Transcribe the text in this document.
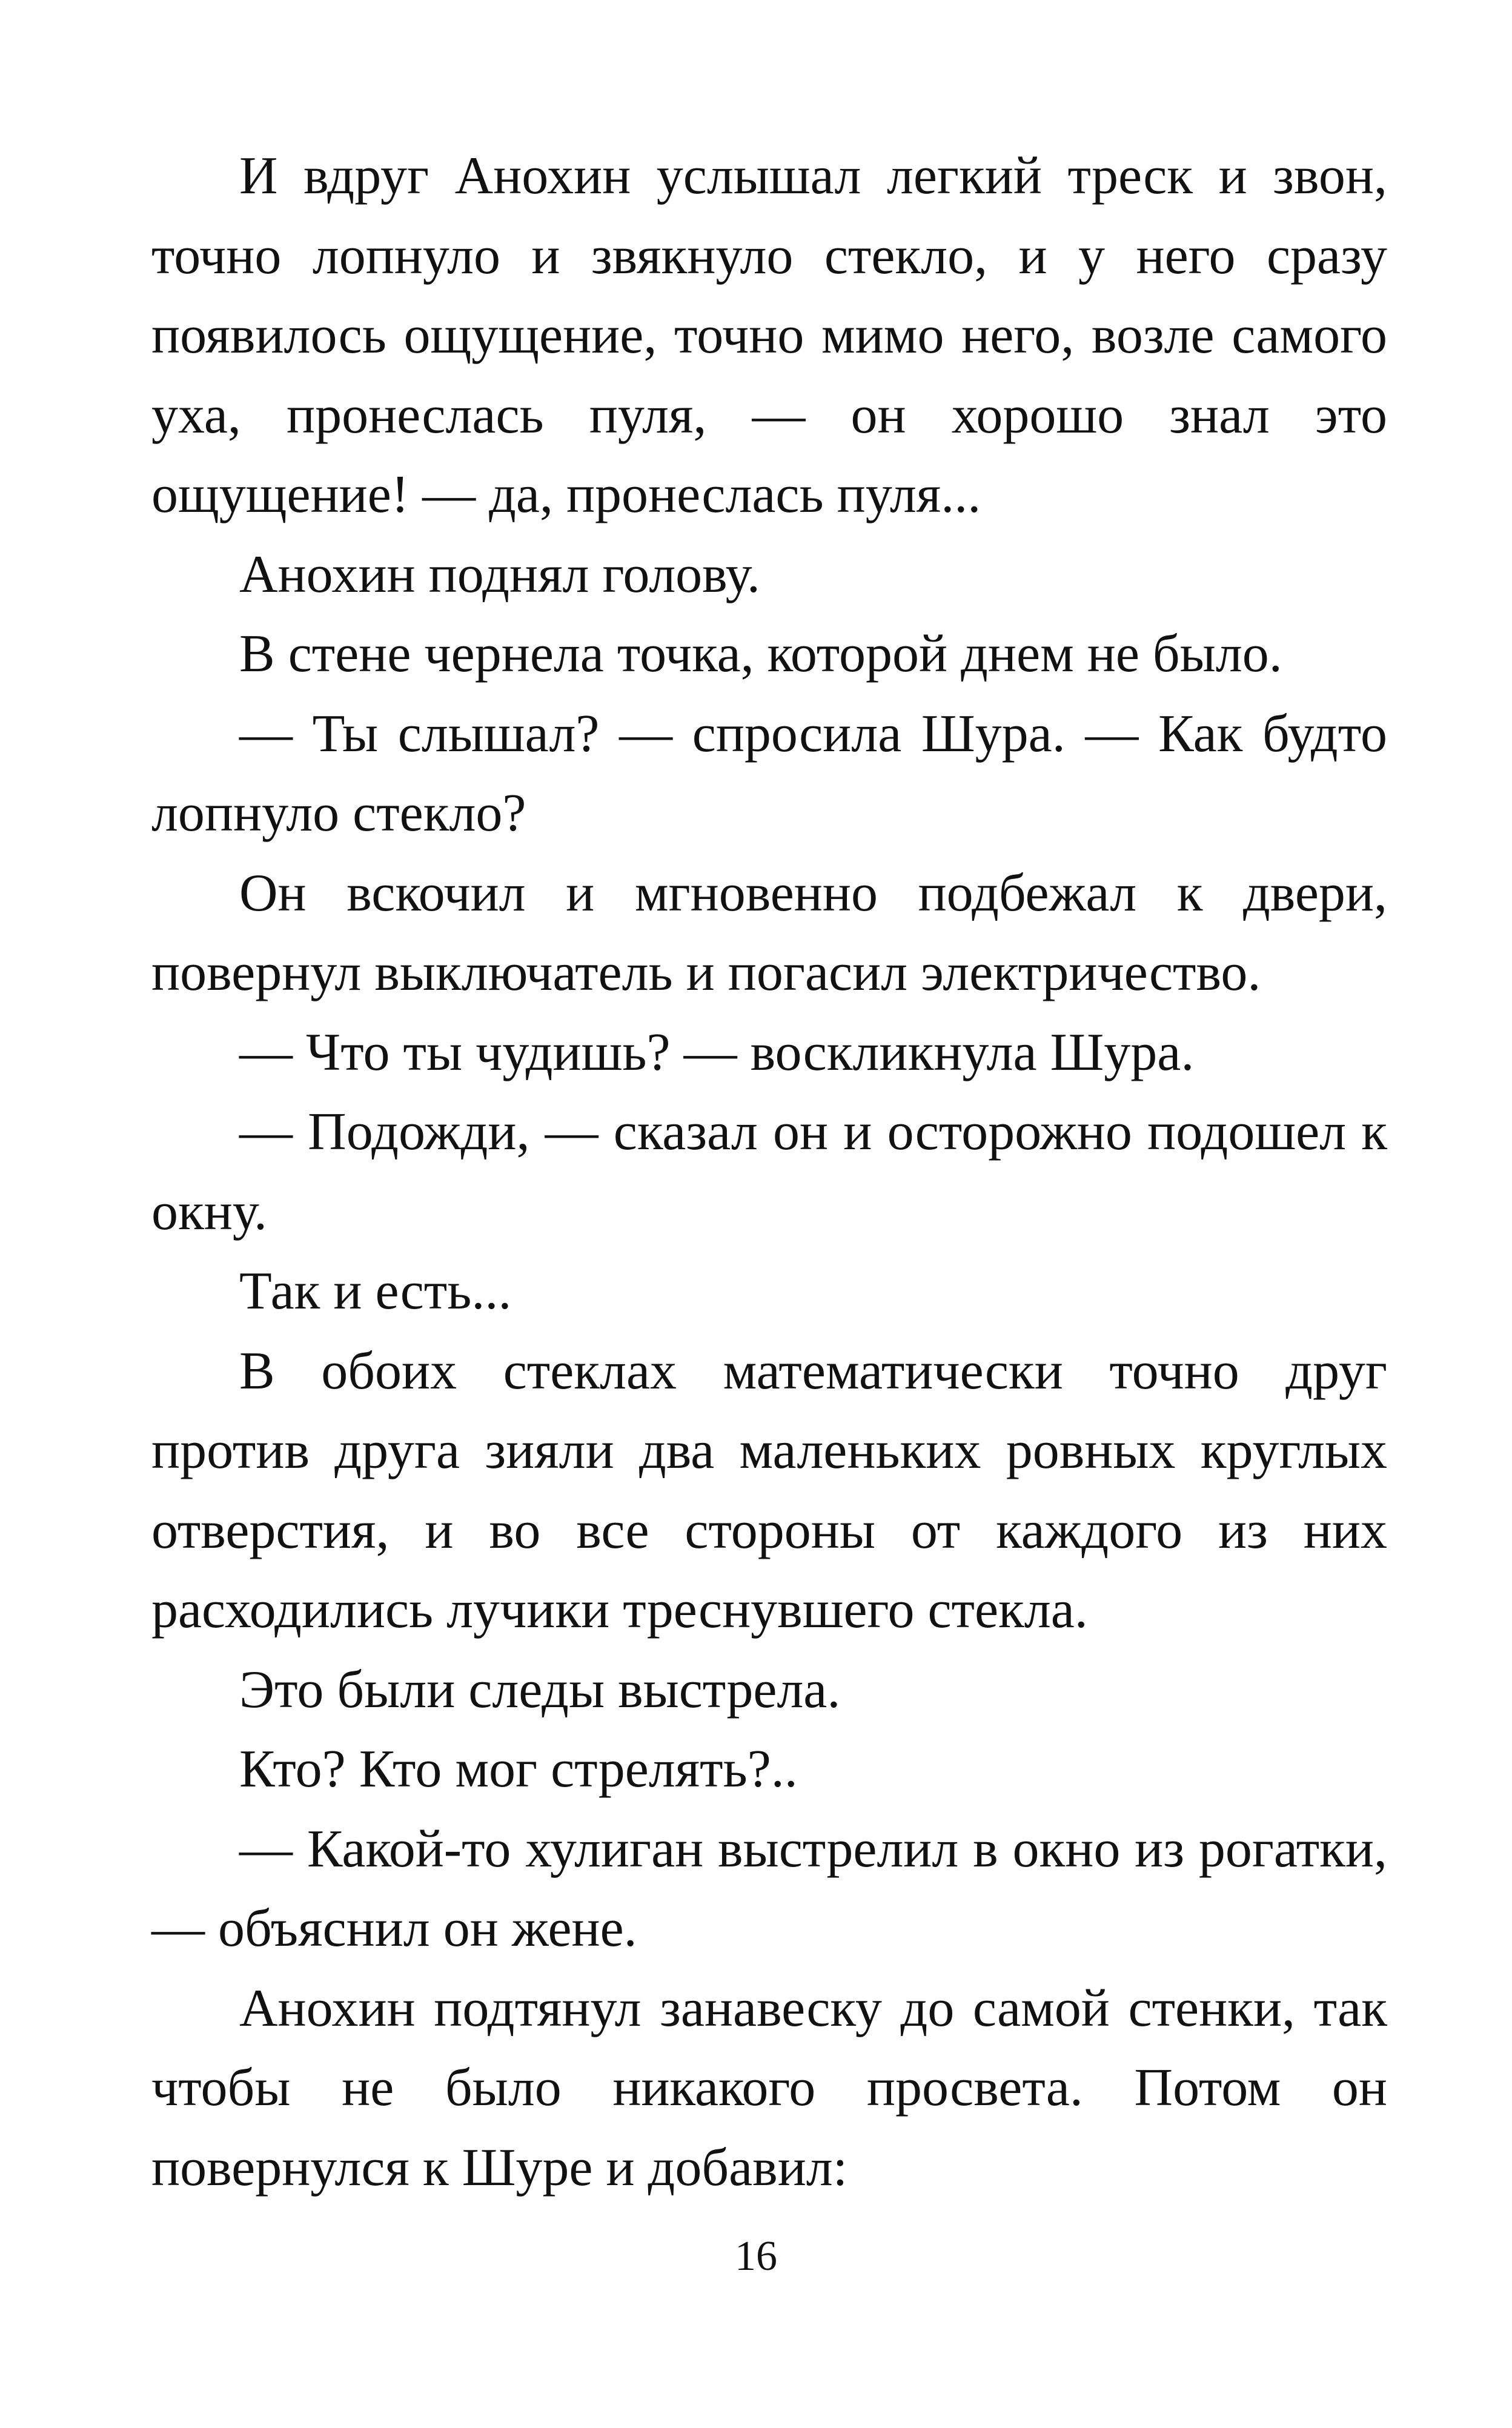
И вдруг Анохин услышал легкий треск и звон, точно лопнуло и звякнуло стекло, и у него сразу появилось ощущение, точно мимо него, возле самого уха, пронеслась пуля, — он хорошо знал это ощущение! — да, пронеслась пуля...

Анохин поднял голову.

В стене чернела точка, которой днем не было.

— Ты слышал? — спросила Шура. — Как будто лопнуло стекло?

Он вскочил и мгновенно подбежал к двери, повернул выключатель и погасил электричество.

— Что ты чудишь? — воскликнула Шура.

— Подожди, — сказал он и осторожно подошел к окну.

Так и есть...

В обоих стеклах математически точно друг против друга зияли два маленьких ровных круглых отверстия, и во все стороны от каждого из них расходились лучики треснувшего стекла.

Это были следы выстрела.

Кто? Кто мог стрелять?..

— Какой-то хулиган выстрелил в окно из рогатки, — объяснил он жене.

Анохин подтянул занавеску до самой стенки, так чтобы не было никакого просвета. Потом он повернулся к Шуре и добавил:

16
